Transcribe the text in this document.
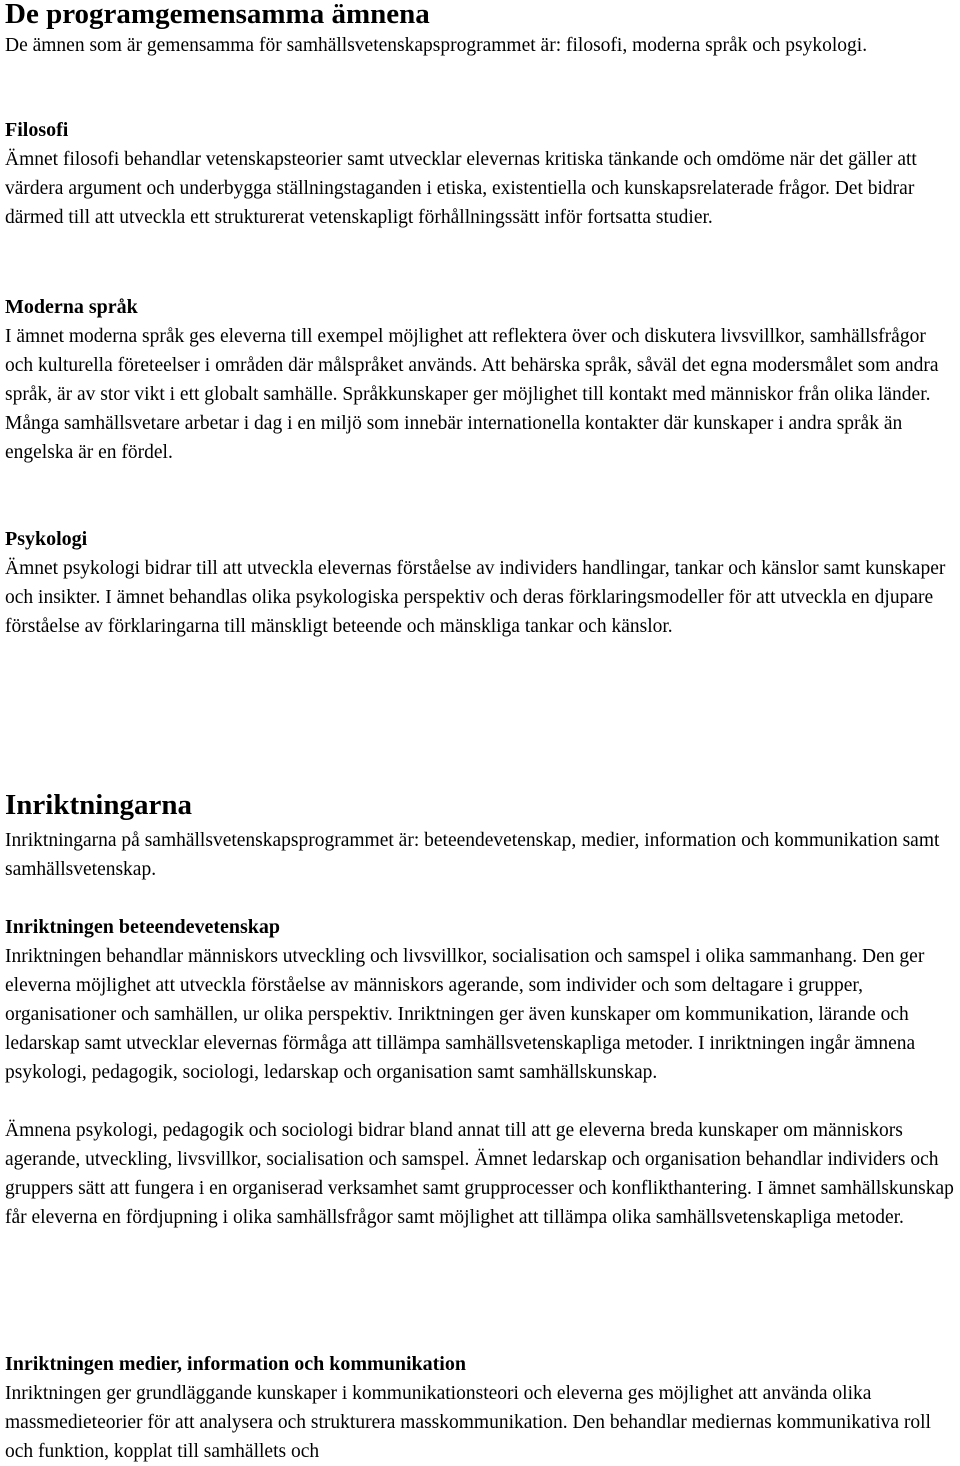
De programgemensamma ämnena

De ämnen som är gemensamma för samhällsvetenskapsprogrammet är: filosofi, moderna språk och psykologi.

Filosofi

Ämnet filosofi behandlar vetenskapsteorier samt utvecklar elevernas kritiska tänkande och omdöme när det gäller att värdera argument och underbygga ställningstaganden i etiska, existentiella och kunskapsrelaterade frågor. Det bidrar därmed till att utveckla ett strukturerat vetenskapligt förhållningssätt inför fortsatta studier.

Moderna språk

I ämnet moderna språk ges eleverna till exempel möjlighet att reflektera över och diskutera livsvillkor, samhällsfrågor och kulturella företeelser i områden där målspråket används. Att behärska språk, såväl det egna modersmålet som andra språk, är av stor vikt i ett globalt samhälle. Språkkunskaper ger möjlighet till kontakt med människor från olika länder. Många samhällsvetare arbetar i dag i en miljö som innebär internationella kontakter där kunskaper i andra språk än engelska är en fördel.

Psykologi

Ämnet psykologi bidrar till att utveckla elevernas förståelse av individers handlingar, tankar och känslor samt kunskaper och insikter. I ämnet behandlas olika psykologiska perspektiv och deras förklaringsmodeller för att utveckla en djupare förståelse av förklaringarna till mänskligt beteende och mänskliga tankar och känslor.

Inriktningarna

Inriktningarna på samhällsvetenskapsprogrammet är: beteendevetenskap, medier, information och kommunikation samt samhällsvetenskap.

Inriktningen beteendevetenskap

Inriktningen behandlar människors utveckling och livsvillkor, socialisation och samspel i olika sammanhang. Den ger eleverna möjlighet att utveckla förståelse av människors agerande, som individer och som deltagare i grupper, organisationer och samhällen, ur olika perspektiv. Inriktningen ger även kunskaper om kommunikation, lärande och ledarskap samt utvecklar elevernas förmåga att tillämpa samhällsvetenskapliga metoder. I inriktningen ingår ämnena psykologi, pedagogik, sociologi, ledarskap och organisation samt samhällskunskap.

Ämnena psykologi, pedagogik och sociologi bidrar bland annat till att ge eleverna breda kunskaper om människors agerande, utveckling, livsvillkor, socialisation och samspel. Ämnet ledarskap och organisation behandlar individers och gruppers sätt att fungera i en organiserad verksamhet samt grupprocesser och konflikthantering. I ämnet samhällskunskap får eleverna en fördjupning i olika samhällsfrågor samt möjlighet att tillämpa olika samhällsvetenskapliga metoder.

Inriktningen medier, information och kommunikation

Inriktningen ger grundläggande kunskaper i kommunikationsteori och eleverna ges möjlighet att använda olika massmedieteorier för att analysera och strukturera masskommunikation. Den behandlar mediernas kommunikativa roll och funktion, kopplat till samhällets och
